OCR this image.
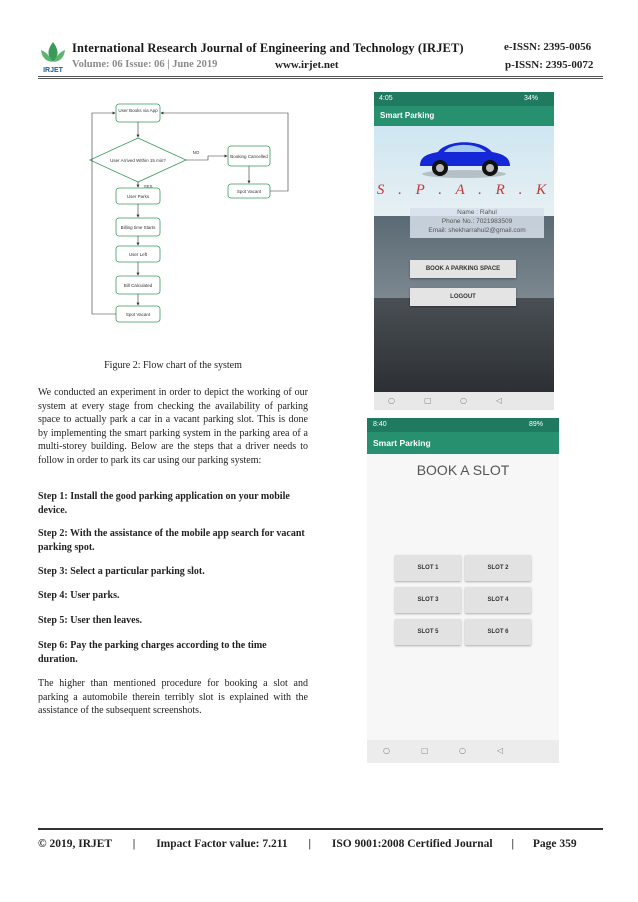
IRJET
International Research Journal of Engineering and Technology (IRJET)	e-ISSN: 2395-0056
Volume: 06 Issue: 06 | June 2019	www.irjet.net	p-ISSN: 2395-0072
User Books via App
User Arrived Within 15 min?
Booking Cancelled
Spot Vacant
User Parks
Billing time Starts
User Left
Bill Calculated
Spot Vacant
NO
YES
Figure 2: Flow chart of the system
We conducted an experiment in order to depict the working of our system at every stage from checking the availability of parking space to actually park a car in a vacant parking slot. This is done by implementing the smart parking system in the parking area of a multi-storey building. Below are the steps that a driver needs to follow in order to park its car using our parking system:
Step 1: Install the good parking application on your mobile device.
Step 2: With the assistance of the mobile app search for vacant parking spot.
Step 3: Select a particular parking slot.
Step 4: User parks.
Step 5: User then leaves.
Step 6: Pay the parking charges according to the time duration.
The higher than mentioned procedure for booking a slot and parking a automobile therein terribly slot is explained with the assistance of the subsequent screenshots.
4:05	34%
Smart Parking
S . P . A . R . K
Name : Rahul
Phone No.: 7021983509
Email: shekharrahul2@gmail.com
BOOK A PARKING SPACE
LOGOUT
○	▢	○	◁
8:40	89%
Smart Parking
BOOK A SLOT
SLOT 1	SLOT 2
SLOT 3	SLOT 4
SLOT 5	SLOT 6
○	▢	○	◁
© 2019, IRJET | Impact Factor value: 7.211 | ISO 9001:2008 Certified Journal | Page 359
